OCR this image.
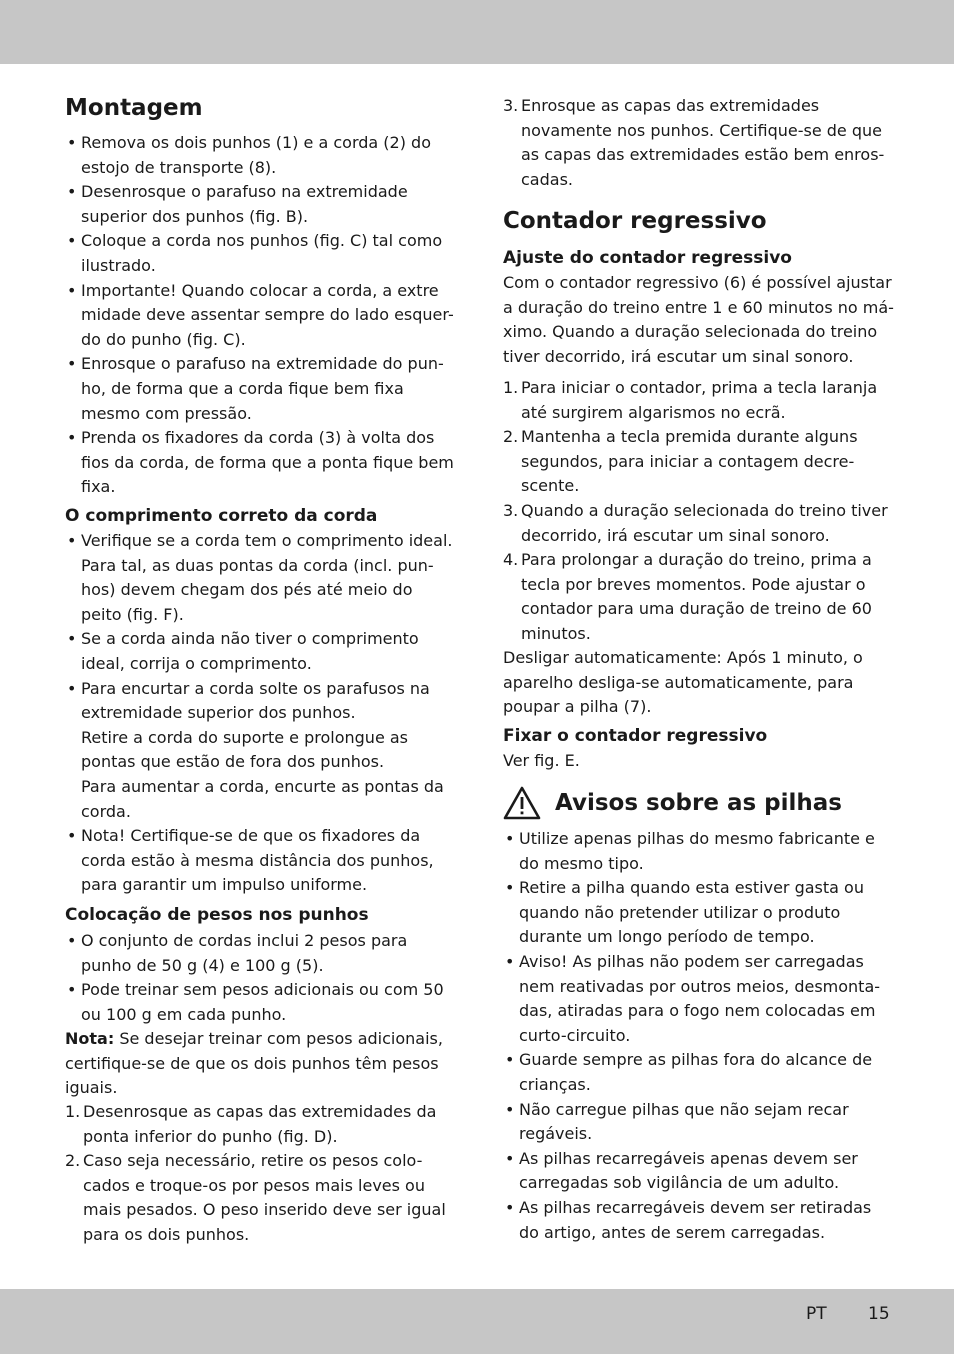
Montagem
• Remova os dois punhos (1) e a corda (2) do estojo de transporte (8).
• Desenrosque o parafuso na extremidade superior dos punhos (fig. B).
• Coloque a corda nos punhos (fig. C) tal como ilustrado.
• Importante! Quando colocar a corda, a extre midade deve assentar sempre do lado esquer-do do punho (fig. C).
• Enrosque o parafuso na extremidade do pun-ho, de forma que a corda fique bem fixa mesmo com pressão.
• Prenda os fixadores da corda (3) à volta dos fios da corda, de forma que a ponta fique bem fixa.
O comprimento correto da corda
• Verifique se a corda tem o comprimento ideal. Para tal, as duas pontas da corda (incl. pun-hos) devem chegam dos pés até meio do peito (fig. F).
• Se a corda ainda não tiver o comprimento ideal, corrija o comprimento.
• Para encurtar a corda solte os parafusos na extremidade superior dos punhos.
Retire a corda do suporte e prolongue as pontas que estão de fora dos punhos.
Para aumentar a corda, encurte as pontas da corda.
• Nota! Certifique-se de que os fixadores da corda estão à mesma distância dos punhos, para garantir um impulso uniforme.
Colocação de pesos nos punhos
• O conjunto de cordas inclui 2 pesos para punho de 50 g (4) e 100 g (5).
• Pode treinar sem pesos adicionais ou com 50 ou 100 g em cada punho.

Nota: Se desejar treinar com pesos adicionais, certifique-se de que os dois punhos têm pesos iguais.

1. Desenrosque as capas das extremidades da ponta inferior do punho (fig. D).
2. Caso seja necessário, retire os pesos colo-cados e troque-os por pesos mais leves ou mais pesados. O peso inserido deve ser igual para os dois punhos.
3. Enrosque as capas das extremidades novamente nos punhos. Certifique-se de que as capas das extremidades estão bem enros-cadas.
Contador regressivo
Ajuste do contador regressivo

Com o contador regressivo (6) é possível ajustar a duração do treino entre 1 e 60 minutos no má-ximo. Quando a duração selecionada do treino tiver decorrido, irá escutar um sinal sonoro.

1. Para iniciar o contador, prima a tecla laranja até surgirem algarismos no ecrã.
2. Mantenha a tecla premida durante alguns segundos, para iniciar a contagem decre-scente.
3. Quando a duração selecionada do treino tiver decorrido, irá escutar um sinal sonoro.
4. Para prolongar a duração do treino, prima a tecla por breves momentos. Pode ajustar o contador para uma duração de treino de 60 minutos.

Desligar automaticamente: Após 1 minuto, o aparelho desliga-se automaticamente, para poupar a pilha (7).

Fixar o contador regressivo

Ver fig. E.

Avisos sobre as pilhas
• Utilize apenas pilhas do mesmo fabricante e do mesmo tipo.
• Retire a pilha quando esta estiver gasta ou quando não pretender utilizar o produto durante um longo período de tempo.
• Aviso! As pilhas não podem ser carregadas nem reativadas por outros meios, desmonta-das, atiradas para o fogo nem colocadas em curto-circuito.
• Guarde sempre as pilhas fora do alcance de crianças.
• Não carregue pilhas que não sejam recar regáveis.
• As pilhas recarregáveis apenas devem ser carregadas sob vigilância de um adulto.
• As pilhas recarregáveis devem ser retiradas do artigo, antes de serem carregadas.
PT 15
